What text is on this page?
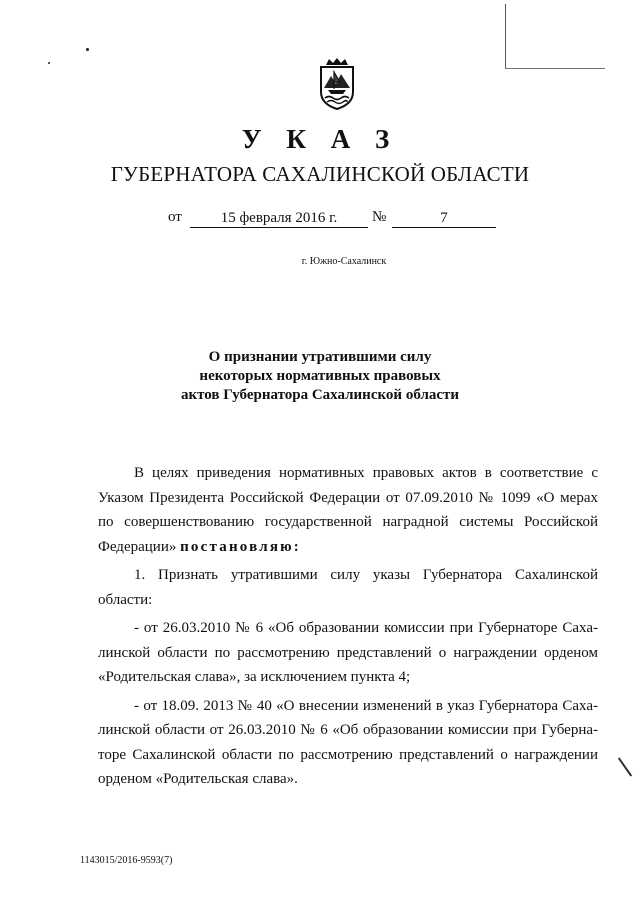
У К А З
ГУБЕРНАТОРА САХАЛИНСКОЙ ОБЛАСТИ
от	15 февраля 2016 г.	№	7
г. Южно-Сахалинск
О признании утратившими силу
некоторых нормативных правовых
актов Губернатора Сахалинской области
В целях приведения нормативных правовых актов в соответствие с
Указом Президента Российской Федерации от 07.09.2010 № 1099 «О мерах
по совершенствованию государственной наградной системы Российской
Федерации» постановляю:
1. Признать утратившими силу указы Губернатора Сахалинской
области:
- от 26.03.2010 № 6 «Об образовании комиссии при Губернаторе Саха-
линской области по рассмотрению представлений о награждении орденом
«Родительская слава», за исключением пункта 4;
- от 18.09. 2013 № 40 «О внесении изменений в указ Губернатора Саха-
линской области от 26.03.2010 № 6 «Об образовании комиссии при Губерна-
торе Сахалинской области по рассмотрению представлений о награждении
орденом «Родительская слава».
1143015/2016-9593(7)
